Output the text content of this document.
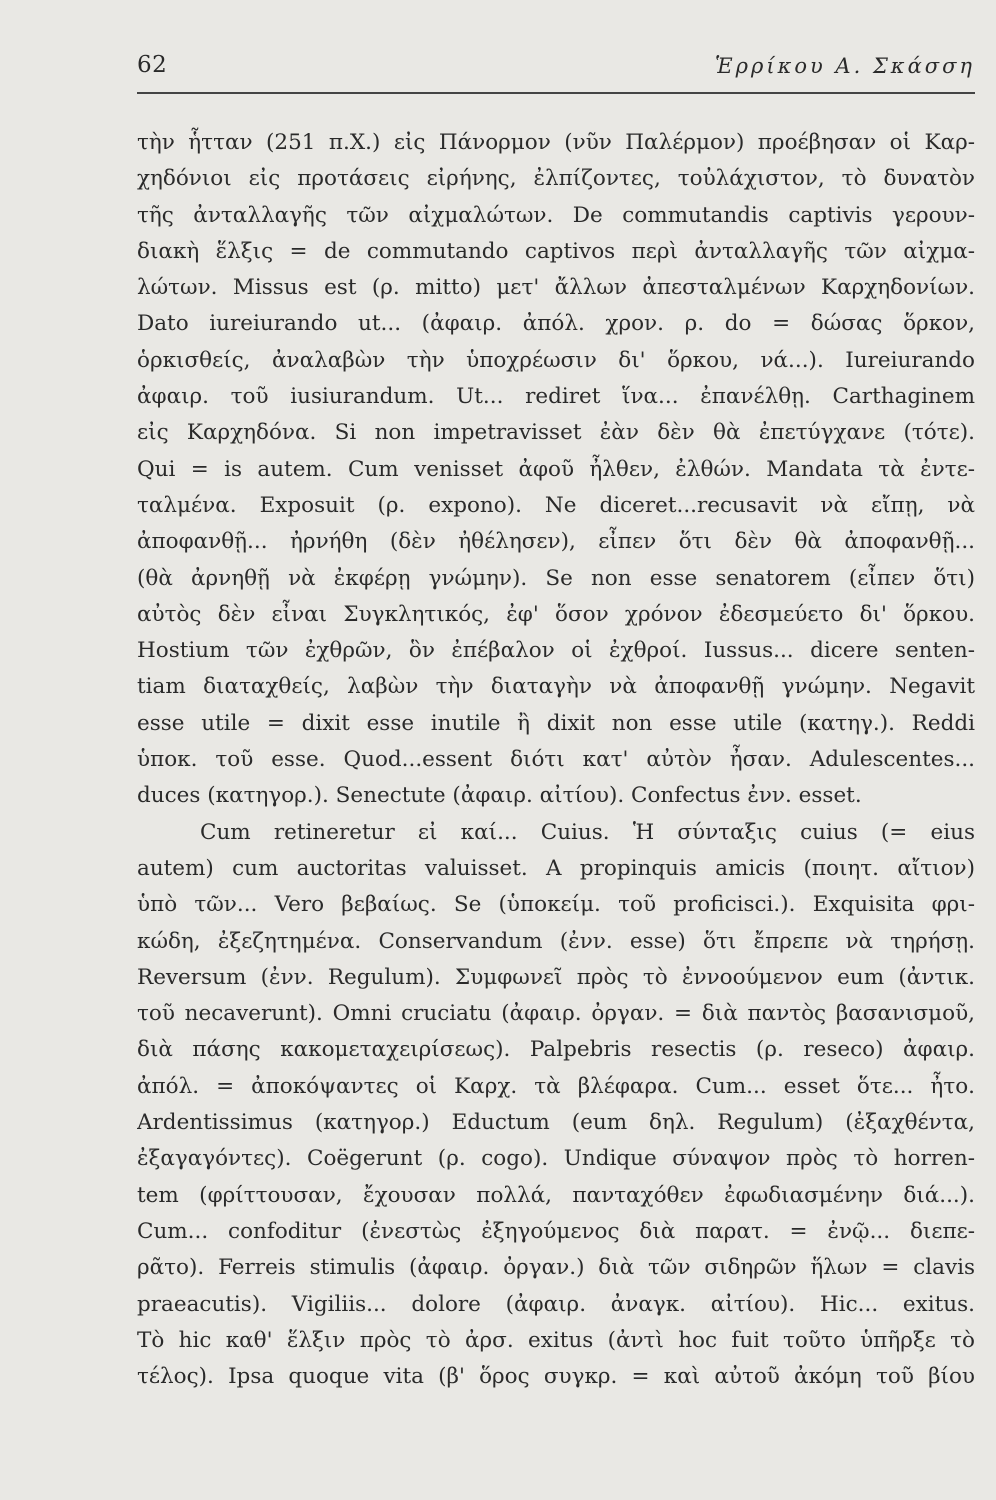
62	Ἑρρίκου Α. Σκάσση
τὴν ἧτταν (251 π.Χ.) εἰς Πάνορμον (νῦν Παλέρμον) προέβησαν οἱ Καρ-
χηδόνιοι εἰς προτάσεις εἰρήνης, ἐλπίζοντες, τοὐλάχιστον, τὸ δυνατὸν
τῆς ἀνταλλαγῆς τῶν αἰχμαλώτων. De commutandis captivis γερουν-
διακὴ ἕλξις = de commutando captivos περὶ ἀνταλλαγῆς τῶν αἰχμα-
λώτων. Missus est (ρ. mitto) μετ' ἄλλων ἀπεσταλμένων Καρχηδονίων.
Dato iureiurando ut... (ἀφαιρ. ἀπόλ. χρον. ρ. do = δώσας ὅρκον,
ὁρκισθείς, ἀναλαβὼν τὴν ὑποχρέωσιν δι' ὅρκου, νά...). Iureiurando
ἀφαιρ. τοῦ iusiurandum. Ut... rediret ἵνα... ἐπανέλθῃ. Carthaginem
εἰς Καρχηδόνα. Si non impetravisset ἐὰν δὲν θὰ ἐπετύγχανε (τότε).
Qui = is autem. Cum venisset ἀφοῦ ἦλθεν, ἐλθών. Mandata τὰ ἐντε-
ταλμένα. Exposuit (ρ. expono). Ne diceret...recusavit νὰ εἴπῃ, νὰ
ἀποφανθῇ... ἠρνήθη (δὲν ἠθέλησεν), εἶπεν ὅτι δὲν θὰ ἀποφανθῇ...
(θὰ ἀρνηθῇ νὰ ἐκφέρῃ γνώμην). Se non esse senatorem (εἶπεν ὅτι)
αὐτὸς δὲν εἶναι Συγκλητικός, ἐφ' ὅσον χρόνον ἐδεσμεύετο δι' ὅρκου.
Hostium τῶν ἐχθρῶν, ὃν ἐπέβαλον οἱ ἐχθροί. Iussus... dicere senten-
tiam διαταχθείς, λαβὼν τὴν διαταγὴν νὰ ἀποφανθῇ γνώμην. Negavit
esse utile = dixit esse inutile ἢ dixit non esse utile (κατηγ.). Reddi
ὑποκ. τοῦ esse. Quod...essent διότι κατ' αὐτὸν ἦσαν. Adulescentes...
duces (κατηγορ.). Senectute (ἀφαιρ. αἰτίου). Confectus ἐνν. esset.
Cum retineretur εἰ καί... Cuius. Ἡ σύνταξις cuius (= eius
autem) cum auctoritas valuisset. A propinquis amicis (ποιητ. αἴτιον)
ὑπὸ τῶν... Vero βεβαίως. Se (ὑποκείμ. τοῦ proficisci.). Exquisita φρι-
κώδη, ἐξεζητημένα. Conservandum (ἐνν. esse) ὅτι ἔπρεπε νὰ τηρήσῃ.
Reversum (ἐνν. Regulum). Συμφωνεῖ πρὸς τὸ ἐννοούμενον eum (ἀντικ.
τοῦ necaverunt). Omni cruciatu (ἀφαιρ. ὀργαν. = διὰ παντὸς βασανισμοῦ,
διὰ πάσης κακομεταχειρίσεως). Palpebris resectis (ρ. reseco) ἀφαιρ.
ἀπόλ. = ἀποκόψαντες οἱ Καρχ. τὰ βλέφαρα. Cum... esset ὅτε... ἦτο.
Ardentissimus (κατηγορ.) Eductum (eum δηλ. Regulum) (ἐξαχθέντα,
ἐξαγαγόντες). Coëgerunt (ρ. cogo). Undique σύναψον πρὸς τὸ horren-
tem (φρίττουσαν, ἔχουσαν πολλά, πανταχόθεν ἐφωδιασμένην διά...).
Cum... confoditur (ἐνεστὼς ἐξηγούμενος διὰ παρατ. = ἐνῷ... διεπε-
ρᾶτο). Ferreis stimulis (ἀφαιρ. ὀργαν.) διὰ τῶν σιδηρῶν ἥλων = clavis
praeacutis). Vigiliis... dolore (ἀφαιρ. ἀναγκ. αἰτίου). Hic... exitus.
Τὸ hic καθ' ἕλξιν πρὸς τὸ ἀρσ. exitus (ἀντὶ hoc fuit τοῦτο ὑπῆρξε τὸ
τέλος). Ipsa quoque vita (β' ὅρος συγκρ. = καὶ αὐτοῦ ἀκόμη τοῦ βίου
